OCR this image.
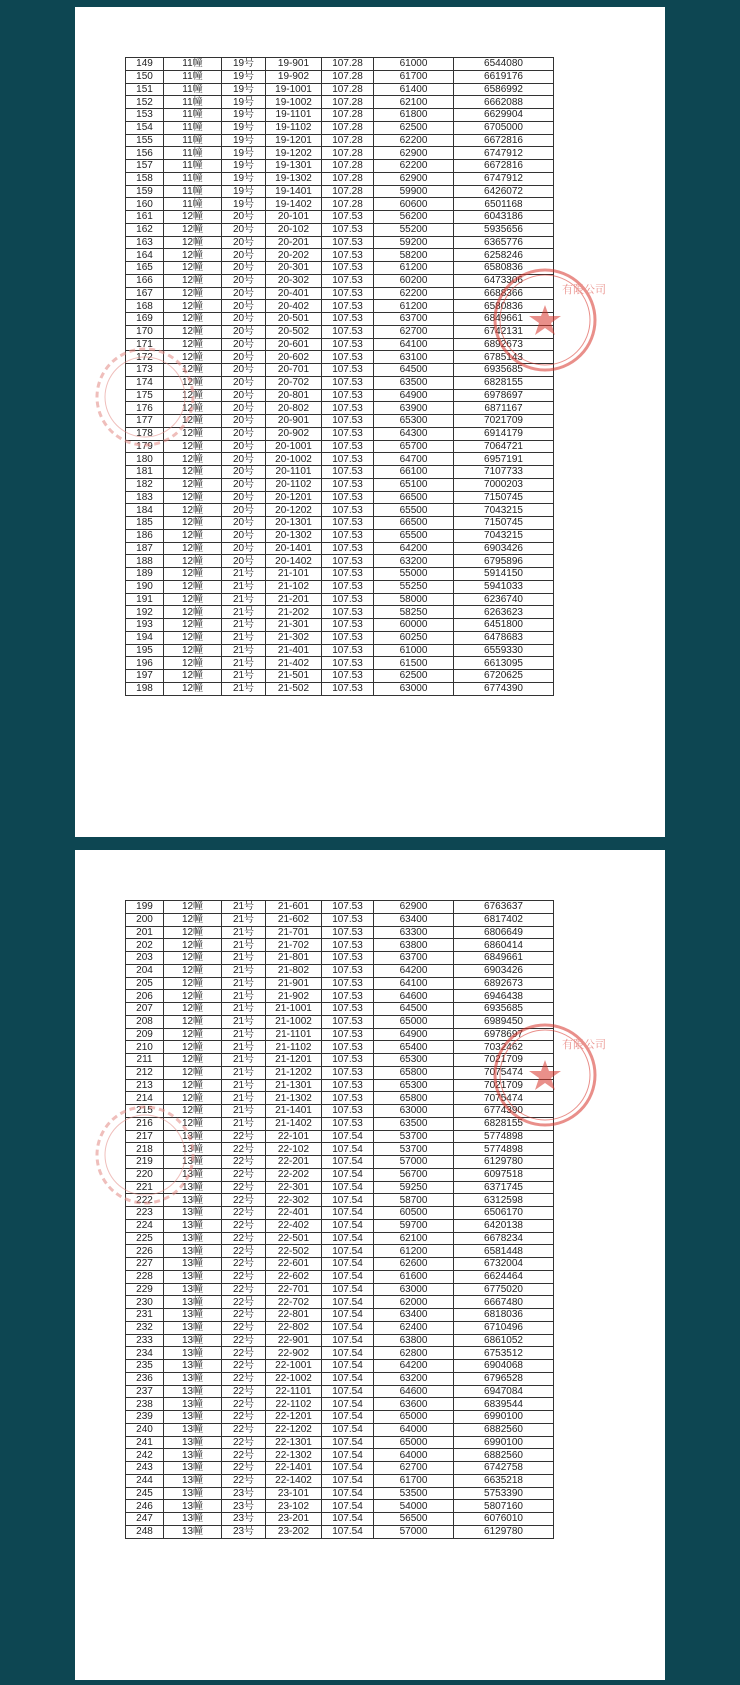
149	11幢	19号	19-901	107.28	61000	6544080
150	11幢	19号	19-902	107.28	61700	6619176
151	11幢	19号	19-1001	107.28	61400	6586992
152	11幢	19号	19-1002	107.28	62100	6662088
153	11幢	19号	19-1101	107.28	61800	6629904
154	11幢	19号	19-1102	107.28	62500	6705000
155	11幢	19号	19-1201	107.28	62200	6672816
156	11幢	19号	19-1202	107.28	62900	6747912
157	11幢	19号	19-1301	107.28	62200	6672816
158	11幢	19号	19-1302	107.28	62900	6747912
159	11幢	19号	19-1401	107.28	59900	6426072
160	11幢	19号	19-1402	107.28	60600	6501168
161	12幢	20号	20-101	107.53	56200	6043186
162	12幢	20号	20-102	107.53	55200	5935656
163	12幢	20号	20-201	107.53	59200	6365776
164	12幢	20号	20-202	107.53	58200	6258246
165	12幢	20号	20-301	107.53	61200	6580836
166	12幢	20号	20-302	107.53	60200	6473306
167	12幢	20号	20-401	107.53	62200	6688366
168	12幢	20号	20-402	107.53	61200	6580836
169	12幢	20号	20-501	107.53	63700	6849661
170	12幢	20号	20-502	107.53	62700	6742131
171	12幢	20号	20-601	107.53	64100	6892673
172	12幢	20号	20-602	107.53	63100	6785143
173	12幢	20号	20-701	107.53	64500	6935685
174	12幢	20号	20-702	107.53	63500	6828155
175	12幢	20号	20-801	107.53	64900	6978697
176	12幢	20号	20-802	107.53	63900	6871167
177	12幢	20号	20-901	107.53	65300	7021709
178	12幢	20号	20-902	107.53	64300	6914179
179	12幢	20号	20-1001	107.53	65700	7064721
180	12幢	20号	20-1002	107.53	64700	6957191
181	12幢	20号	20-1101	107.53	66100	7107733
182	12幢	20号	20-1102	107.53	65100	7000203
183	12幢	20号	20-1201	107.53	66500	7150745
184	12幢	20号	20-1202	107.53	65500	7043215
185	12幢	20号	20-1301	107.53	66500	7150745
186	12幢	20号	20-1302	107.53	65500	7043215
187	12幢	20号	20-1401	107.53	64200	6903426
188	12幢	20号	20-1402	107.53	63200	6795896
189	12幢	21号	21-101	107.53	55000	5914150
190	12幢	21号	21-102	107.53	55250	5941033
191	12幢	21号	21-201	107.53	58000	6236740
192	12幢	21号	21-202	107.53	58250	6263623
193	12幢	21号	21-301	107.53	60000	6451800
194	12幢	21号	21-302	107.53	60250	6478683
195	12幢	21号	21-401	107.53	61000	6559330
196	12幢	21号	21-402	107.53	61500	6613095
197	12幢	21号	21-501	107.53	62500	6720625
198	12幢	21号	21-502	107.53	63000	6774390
有限公司
199	12幢	21号	21-601	107.53	62900	6763637
200	12幢	21号	21-602	107.53	63400	6817402
201	12幢	21号	21-701	107.53	63300	6806649
202	12幢	21号	21-702	107.53	63800	6860414
203	12幢	21号	21-801	107.53	63700	6849661
204	12幢	21号	21-802	107.53	64200	6903426
205	12幢	21号	21-901	107.53	64100	6892673
206	12幢	21号	21-902	107.53	64600	6946438
207	12幢	21号	21-1001	107.53	64500	6935685
208	12幢	21号	21-1002	107.53	65000	6989450
209	12幢	21号	21-1101	107.53	64900	6978697
210	12幢	21号	21-1102	107.53	65400	7032462
211	12幢	21号	21-1201	107.53	65300	7021709
212	12幢	21号	21-1202	107.53	65800	7075474
213	12幢	21号	21-1301	107.53	65300	7021709
214	12幢	21号	21-1302	107.53	65800	7075474
215	12幢	21号	21-1401	107.53	63000	6774390
216	12幢	21号	21-1402	107.53	63500	6828155
217	13幢	22号	22-101	107.54	53700	5774898
218	13幢	22号	22-102	107.54	53700	5774898
219	13幢	22号	22-201	107.54	57000	6129780
220	13幢	22号	22-202	107.54	56700	6097518
221	13幢	22号	22-301	107.54	59250	6371745
222	13幢	22号	22-302	107.54	58700	6312598
223	13幢	22号	22-401	107.54	60500	6506170
224	13幢	22号	22-402	107.54	59700	6420138
225	13幢	22号	22-501	107.54	62100	6678234
226	13幢	22号	22-502	107.54	61200	6581448
227	13幢	22号	22-601	107.54	62600	6732004
228	13幢	22号	22-602	107.54	61600	6624464
229	13幢	22号	22-701	107.54	63000	6775020
230	13幢	22号	22-702	107.54	62000	6667480
231	13幢	22号	22-801	107.54	63400	6818036
232	13幢	22号	22-802	107.54	62400	6710496
233	13幢	22号	22-901	107.54	63800	6861052
234	13幢	22号	22-902	107.54	62800	6753512
235	13幢	22号	22-1001	107.54	64200	6904068
236	13幢	22号	22-1002	107.54	63200	6796528
237	13幢	22号	22-1101	107.54	64600	6947084
238	13幢	22号	22-1102	107.54	63600	6839544
239	13幢	22号	22-1201	107.54	65000	6990100
240	13幢	22号	22-1202	107.54	64000	6882560
241	13幢	22号	22-1301	107.54	65000	6990100
242	13幢	22号	22-1302	107.54	64000	6882560
243	13幢	22号	22-1401	107.54	62700	6742758
244	13幢	22号	22-1402	107.54	61700	6635218
245	13幢	23号	23-101	107.54	53500	5753390
246	13幢	23号	23-102	107.54	54000	5807160
247	13幢	23号	23-201	107.54	56500	6076010
248	13幢	23号	23-202	107.54	57000	6129780
有限公司
